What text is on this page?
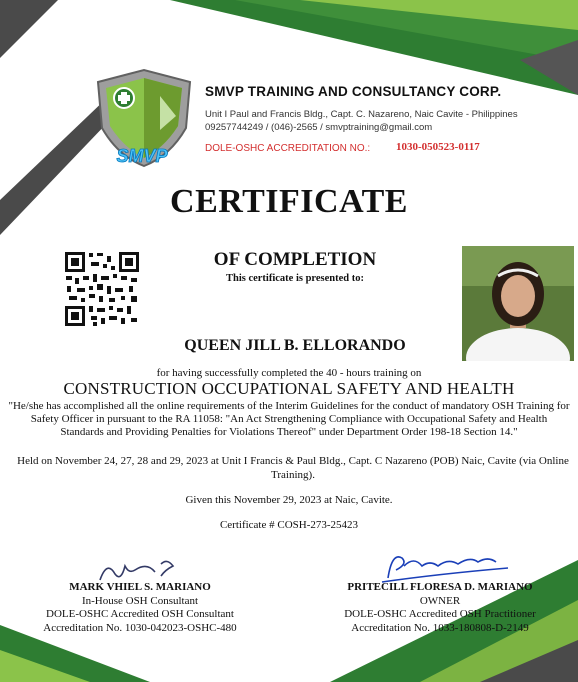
SMVP
SMVP TRAINING AND CONSULTANCY CORP.
Unit I Paul and Francis Bldg., Capt. C. Nazareno, Naic Cavite - Philippines
09257744249 / (046)-2565 / smvptraining@gmail.com
DOLE-OSHC ACCREDITATION NO.: 1030-050523-0117
CERTIFICATE
OF COMPLETION
This certificate is presented to:
QUEEN JILL B. ELLORANDO
for having successfully completed the 40 - hours training on
CONSTRUCTION OCCUPATIONAL SAFETY AND HEALTH
"He/she has accomplished all the online requirements of the Interim Guidelines for the conduct of mandatory OSH Training for Safety Officer in pursuant to the RA 11058: "An Act Strengthening Compliance with Occupational Safety and Health Standards and Providing Penalties for Violations Thereof" under Department Order 198-18 Section 14."
Held on November 24, 27, 28 and 29, 2023 at Unit I Francis & Paul Bldg., Capt. C Nazareno (POB) Naic, Cavite (via Online Training).
Given this November 29, 2023 at Naic, Cavite.
Certificate # COSH-273-25423
MARK VHIEL S. MARIANO
In-House OSH Consultant
DOLE-OSHC Accredited OSH Consultant
Accreditation No. 1030-042023-OSHC-480
PRITECILL FLORESA D. MARIANO
OWNER
DOLE-OSHC Accredited OSH Practitioner
Accreditation No. 1033-180808-D-2149
